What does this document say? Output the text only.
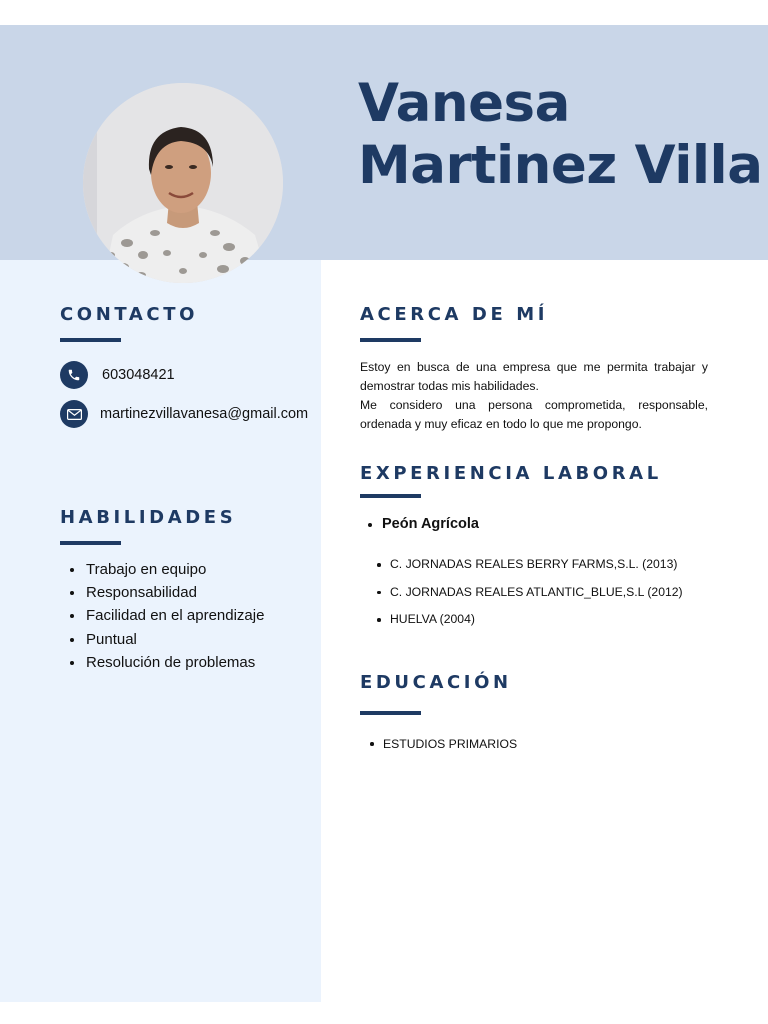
Vanesa
Martinez Villa
CONTACTO
603048421
martinezvillavanesa@gmail.com
HABILIDADES
Trabajo en equipo
Responsabilidad
Facilidad en el aprendizaje
Puntual
Resolución de problemas
ACERCA DE MÍ

Estoy en busca de una empresa que me permita trabajar y demostrar todas mis habilidades.
Me considero una persona comprometida, responsable, ordenada y muy eficaz en todo lo que me propongo.

EXPERIENCIA LABORAL
Peón Agrícola
C. JORNADAS REALES BERRY FARMS,S.L. (2013)
C. JORNADAS REALES ATLANTIC_BLUE,S.L (2012)
HUELVA (2004)
EDUCACIÓN
ESTUDIOS PRIMARIOS
